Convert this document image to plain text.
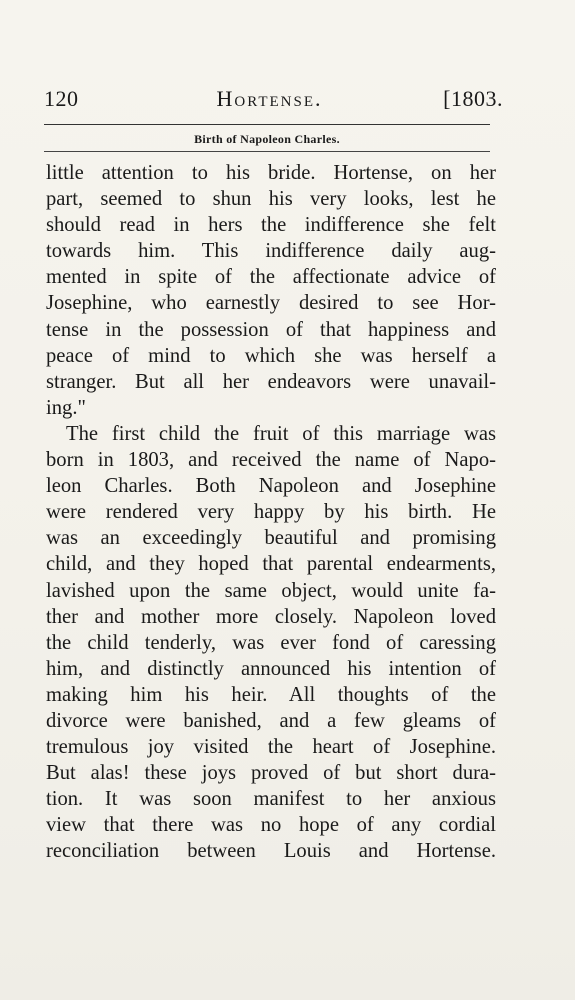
120	Hortense.	[1803.
Birth of Napoleon Charles.
little attention to his bride. Hortense, on her
part, seemed to shun his very looks, lest he
should read in hers the indifference she felt
towards him. This indifference daily aug-
mented in spite of the affectionate advice of
Josephine, who earnestly desired to see Hor-
tense in the possession of that happiness and
peace of mind to which she was herself a
stranger. But all her endeavors were unavail-
ing."
The first child the fruit of this marriage was
born in 1803, and received the name of Napo-
leon Charles. Both Napoleon and Josephine
were rendered very happy by his birth. He
was an exceedingly beautiful and promising
child, and they hoped that parental endearments,
lavished upon the same object, would unite fa-
ther and mother more closely. Napoleon loved
the child tenderly, was ever fond of caressing
him, and distinctly announced his intention of
making him his heir. All thoughts of the
divorce were banished, and a few gleams of
tremulous joy visited the heart of Josephine.
But alas! these joys proved of but short dura-
tion. It was soon manifest to her anxious
view that there was no hope of any cordial
reconciliation between Louis and Hortense.
